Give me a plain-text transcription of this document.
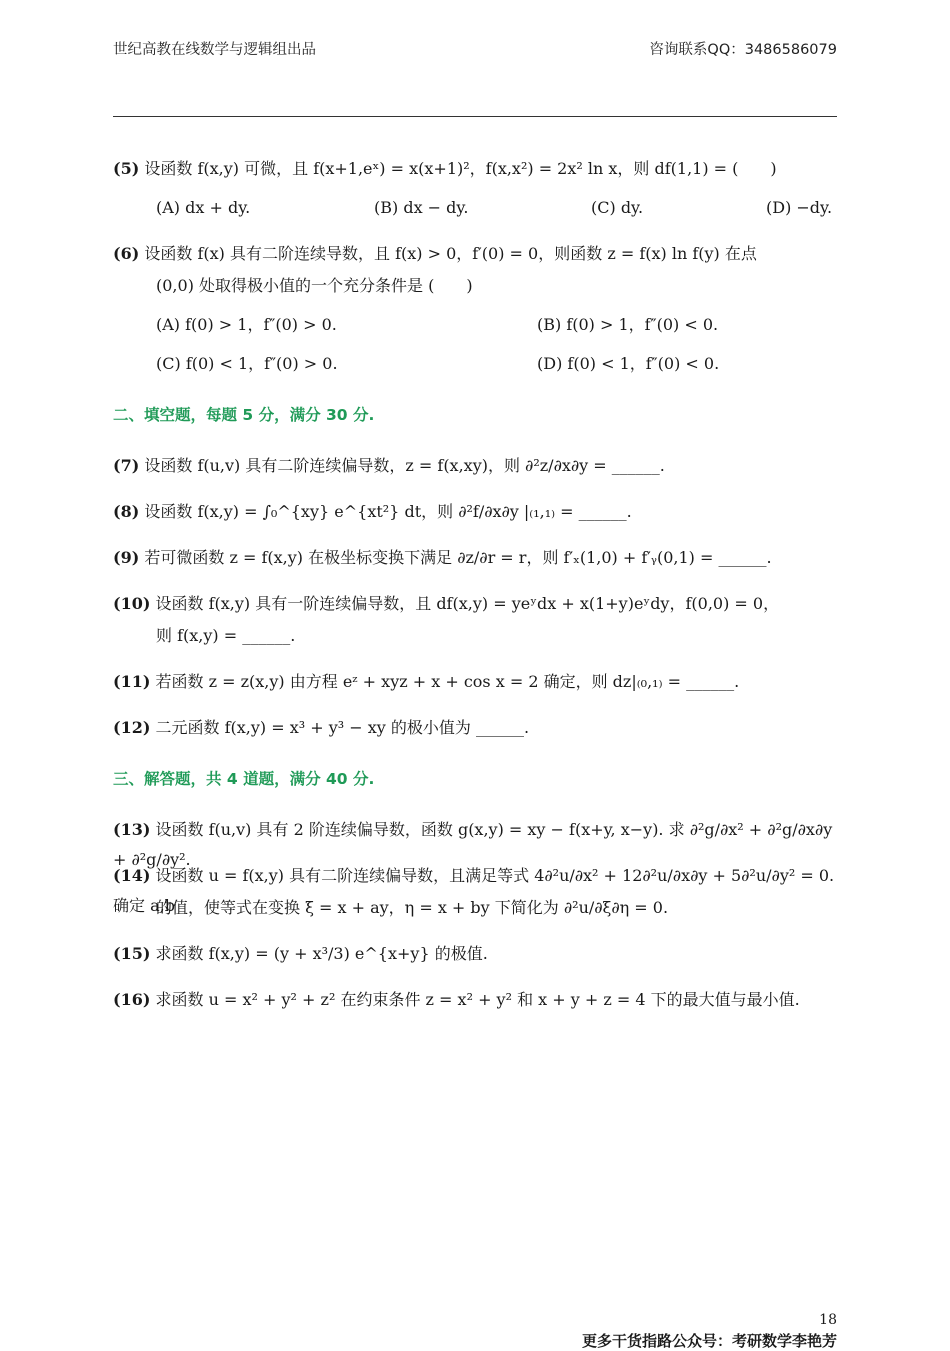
世纪高教在线数学与逻辑组出品	咨询联系QQ：3486586079
(5) 设函数 f(x,y) 可微，且 f(x+1,eˣ) = x(x+1)²，f(x,x²) = 2x² ln x，则 df(1,1) = (　　)
(A) dx + dy.	(B) dx − dy.	(C) dy.	(D) −dy.
(6) 设函数 f(x) 具有二阶连续导数，且 f(x) > 0，f′(0) = 0，则函数 z = f(x) ln f(y) 在点
(0,0) 处取得极小值的一个充分条件是 (　　)
(A) f(0) > 1，f″(0) > 0.	(B) f(0) > 1，f″(0) < 0.
(C) f(0) < 1，f″(0) > 0.	(D) f(0) < 1，f″(0) < 0.
二、填空题，每题 5 分，满分 30 分.
(7) 设函数 f(u,v) 具有二阶连续偏导数，z = f(x,xy)，则 ∂²z/∂x∂y = ______.
(8) 设函数 f(x,y) = ∫₀^{xy} e^{xt²} dt，则 ∂²f/∂x∂y |₍₁,₁₎ = ______.
(9) 若可微函数 z = f(x,y) 在极坐标变换下满足 ∂z/∂r = r，则 f′ₓ(1,0) + f′ᵧ(0,1) = ______.
(10) 设函数 f(x,y) 具有一阶连续偏导数，且 df(x,y) = yeʸdx + x(1+y)eʸdy，f(0,0) = 0，
则 f(x,y) = ______.
(11) 若函数 z = z(x,y) 由方程 eᶻ + xyz + x + cos x = 2 确定，则 dz|₍₀,₁₎ = ______.
(12) 二元函数 f(x,y) = x³ + y³ − xy 的极小值为 ______.
三、解答题，共 4 道题，满分 40 分.
(13) 设函数 f(u,v) 具有 2 阶连续偏导数，函数 g(x,y) = xy − f(x+y, x−y). 求 ∂²g/∂x² + ∂²g/∂x∂y + ∂²g/∂y².
(14) 设函数 u = f(x,y) 具有二阶连续偏导数，且满足等式 4∂²u/∂x² + 12∂²u/∂x∂y + 5∂²u/∂y² = 0. 确定 a,b
的值，使等式在变换 ξ = x + ay，η = x + by 下简化为 ∂²u/∂ξ∂η = 0.
(15) 求函数 f(x,y) = (y + x³/3) e^{x+y} 的极值.
(16) 求函数 u = x² + y² + z² 在约束条件 z = x² + y² 和 x + y + z = 4 下的最大值与最小值.
18
更多干货指路公众号：考研数学李艳芳
